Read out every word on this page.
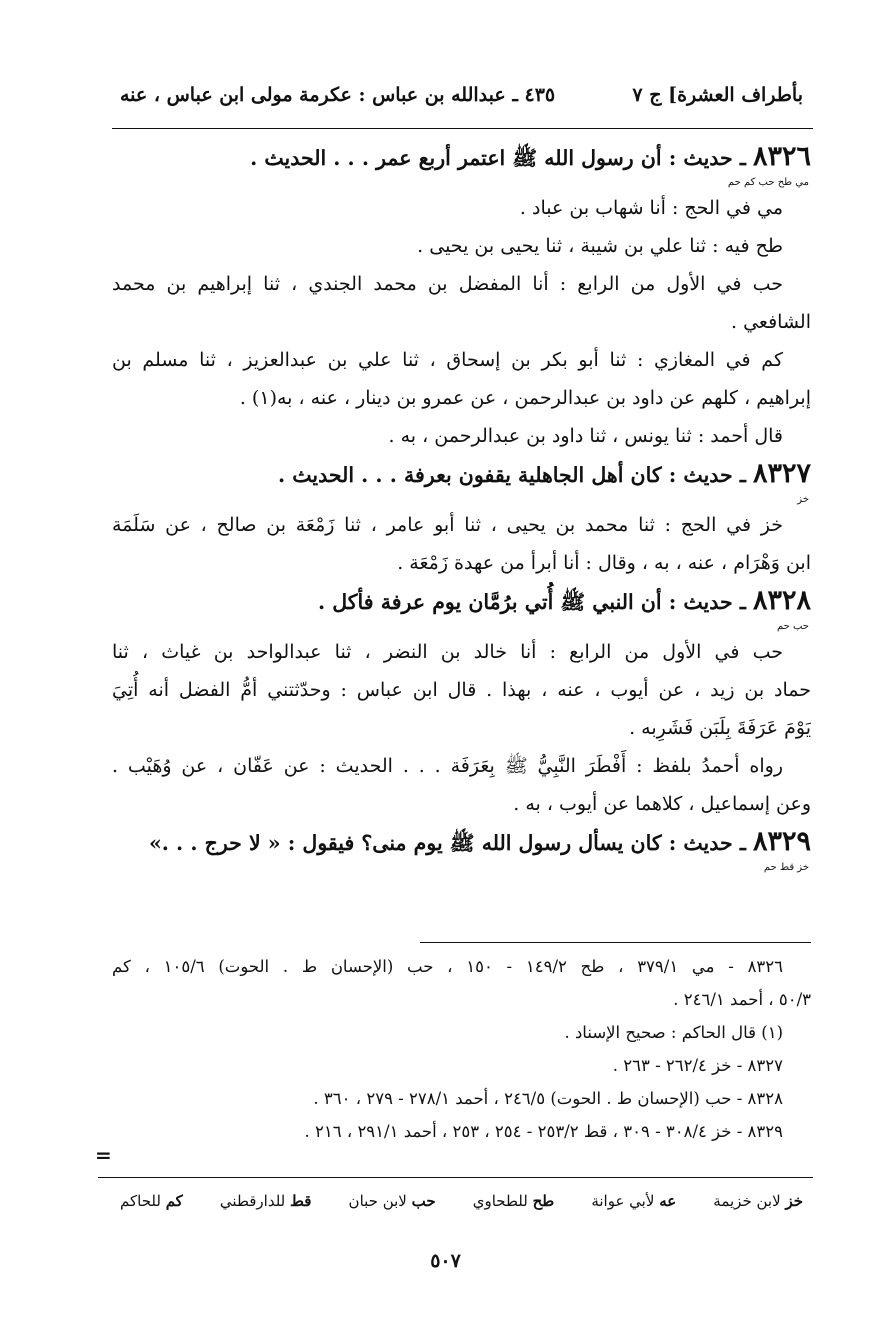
بأطراف العشرة] ج ٧
٤٣٥ ـ عبدالله بن عباس : عكرمة مولى ابن عباس ، عنه
٨٣٢٦ ـ حديث : أن رسول الله ﷺ اعتمر أربع عمر . . . الحديث .
مي طح حب كم حم
مي في الحج : أنا شهاب بن عباد .
طح فيه : ثنا علي بن شيبة ، ثنا يحيى بن يحيى .
حب في الأول من الرابع : أنا المفضل بن محمد الجندي ، ثنا إبراهيم بن محمد
الشافعي .
كم في المغازي : ثنا أبو بكر بن إسحاق ، ثنا علي بن عبدالعزيز ، ثنا مسلم بن
إبراهيم ، كلهم عن داود بن عبدالرحمن ، عن عمرو بن دينار ، عنه ، به(١) .
قال أحمد : ثنا يونس ، ثنا داود بن عبدالرحمن ، به .
٨٣٢٧ ـ حديث : كان أهل الجاهلية يقفون بعرفة . . . الحديث .
خز
خز في الحج : ثنا محمد بن يحيى ، ثنا أبو عامر ، ثنا زَمْعَة بن صالح ، عن سَلَمَة
ابن وَهْرَام ، عنه ، به ، وقال : أنا أبرأ من عهدة زَمْعَة .
٨٣٢٨ ـ حديث : أن النبي ﷺ أُتي برُمَّان يوم عرفة فأكل .
حب حم
حب في الأول من الرابع : أنا خالد بن النضر ، ثنا عبدالواحد بن غياث ، ثنا
حماد بن زيد ، عن أيوب ، عنه ، بهذا . قال ابن عباس : وحدّثتني أمُّ الفضل أنه أُتِيَ
يَوْمَ عَرَفَةَ بِلَبَن فَشَرِبه .
رواه أحمدُ بلفظ : أَفْطَرَ النَّبِيُّ ﷺ بِعَرَفَة . . . الحديث : عن عَفّان ، عن وُهَيْب .
وعن إسماعيل ، كلاهما عن أيوب ، به .
٨٣٢٩ ـ حديث : كان يسأل رسول الله ﷺ يوم منى؟ فيقول : « لا حرج . . .»
خز قط حم
٨٣٢٦ - مي ٣٧٩/١ ، طح ١٤٩/٢ - ١٥٠ ، حب (الإحسان ط . الحوت) ١٠٥/٦ ، كم
٥٠/٣ ، أحمد ٢٤٦/١ .
(١) قال الحاكم : صحيح الإسناد .
٨٣٢٧ - خز ٢٦٢/٤ - ٢٦٣ .
٨٣٢٨ - حب (الإحسان ط . الحوت) ٢٤٦/٥ ، أحمد ٢٧٨/١ - ٢٧٩ ، ٣٦٠ .
٨٣٢٩ - خز ٣٠٨/٤ - ٣٠٩ ، قط ٢٥٣/٢ - ٢٥٤ ، ٢٥٣ ، أحمد ٢٩١/١ ، ٢١٦ .
=
خز لابن خزيمة
عه لأبي عوانة
طح للطحاوي
حب لابن حبان
قط للدارقطني
كم للحاكم
٥٠٧
